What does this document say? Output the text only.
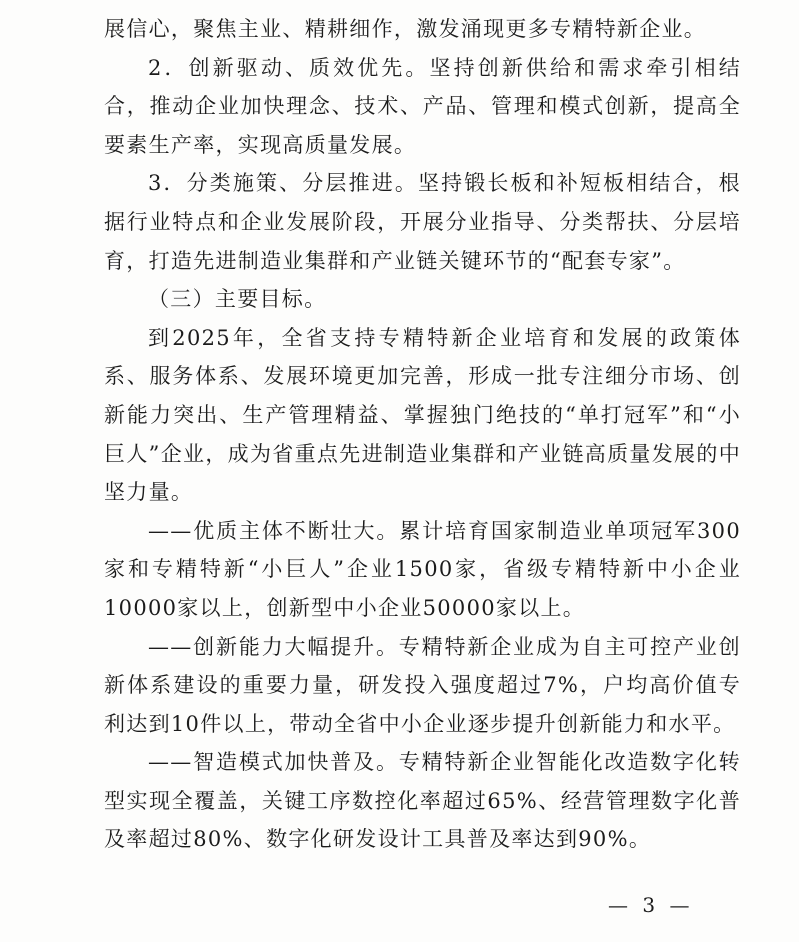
展信心，聚焦主业、精耕细作，激发涌现更多专精特新企业。

2．创新驱动、质效优先。坚持创新供给和需求牵引相结合，推动企业加快理念、技术、产品、管理和模式创新，提高全要素生产率，实现高质量发展。

3．分类施策、分层推进。坚持锻长板和补短板相结合，根据行业特点和企业发展阶段，开展分业指导、分类帮扶、分层培育，打造先进制造业集群和产业链关键环节的“配套专家”。

（三）主要目标。

到2025年，全省支持专精特新企业培育和发展的政策体系、服务体系、发展环境更加完善，形成一批专注细分市场、创新能力突出、生产管理精益、掌握独门绝技的“单打冠军”和“小巨人”企业，成为省重点先进制造业集群和产业链高质量发展的中坚力量。

——优质主体不断壮大。累计培育国家制造业单项冠军300家和专精特新“小巨人”企业1500家，省级专精特新中小企业10000家以上，创新型中小企业50000家以上。

——创新能力大幅提升。专精特新企业成为自主可控产业创新体系建设的重要力量，研发投入强度超过7%，户均高价值专利达到10件以上，带动全省中小企业逐步提升创新能力和水平。

——智造模式加快普及。专精特新企业智能化改造数字化转型实现全覆盖，关键工序数控化率超过65%、经营管理数字化普及率超过80%、数字化研发设计工具普及率达到90%。

— 3 —
